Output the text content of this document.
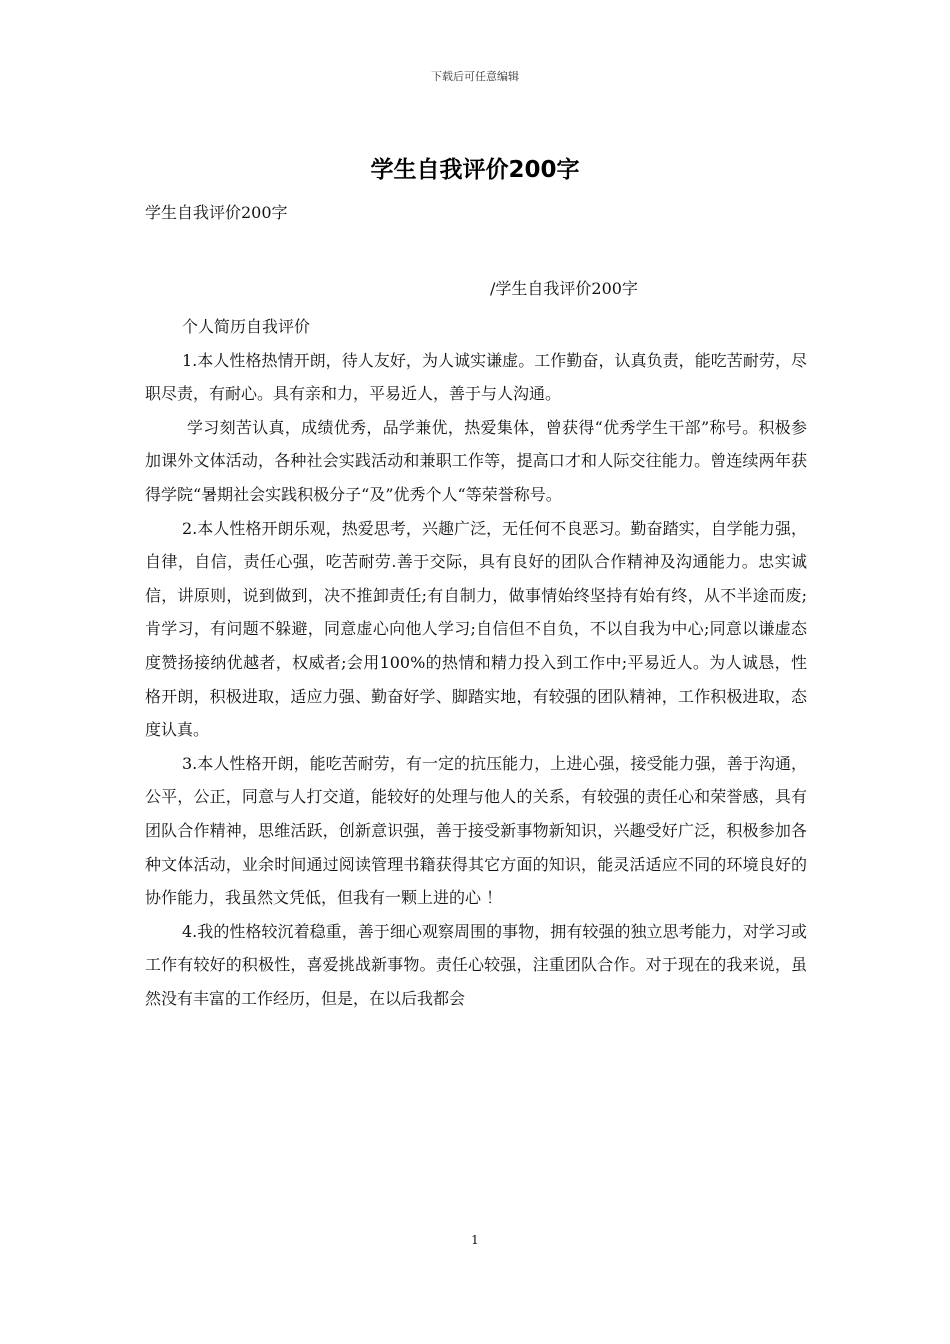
下载后可任意编辑
学生自我评价200字
学生自我评价200字
/学生自我评价200字

个人简历自我评价

1.本人性格热情开朗，待人友好，为人诚实谦虚。工作勤奋，认真负责，能吃苦耐劳，尽职尽责，有耐心。具有亲和力，平易近人，善于与人沟通。

学习刻苦认真，成绩优秀，品学兼优，热爱集体，曾获得“优秀学生干部”称号。积极参加课外文体活动，各种社会实践活动和兼职工作等，提高口才和人际交往能力。曾连续两年获得学院“暑期社会实践积极分子“及”优秀个人“等荣誉称号。

2.本人性格开朗乐观，热爱思考，兴趣广泛，无任何不良恶习。勤奋踏实，自学能力强，自律，自信，责任心强，吃苦耐劳.善于交际，具有良好的团队合作精神及沟通能力。忠实诚信，讲原则，说到做到，决不推卸责任;有自制力，做事情始终坚持有始有终，从不半途而废;肯学习，有问题不躲避，同意虚心向他人学习;自信但不自负，不以自我为中心;同意以谦虚态度赞扬接纳优越者，权威者;会用100%的热情和精力投入到工作中;平易近人。为人诚恳，性格开朗，积极进取，适应力强、勤奋好学、脚踏实地，有较强的团队精神，工作积极进取，态度认真。

3.本人性格开朗，能吃苦耐劳，有一定的抗压能力，上进心强，接受能力强，善于沟通，公平，公正，同意与人打交道，能较好的处理与他人的关系，有较强的责任心和荣誉感，具有团队合作精神，思维活跃，创新意识强，善于接受新事物新知识，兴趣受好广泛，积极参加各种文体活动，业余时间通过阅读管理书籍获得其它方面的知识，能灵活适应不同的环境良好的协作能力，我虽然文凭低，但我有一颗上进的心 ！

4.我的性格较沉着稳重，善于细心观察周围的事物，拥有较强的独立思考能力，对学习或工作有较好的积极性，喜爱挑战新事物。责任心较强，注重团队合作。对于现在的我来说，虽然没有丰富的工作经历，但是，在以后我都会

1
